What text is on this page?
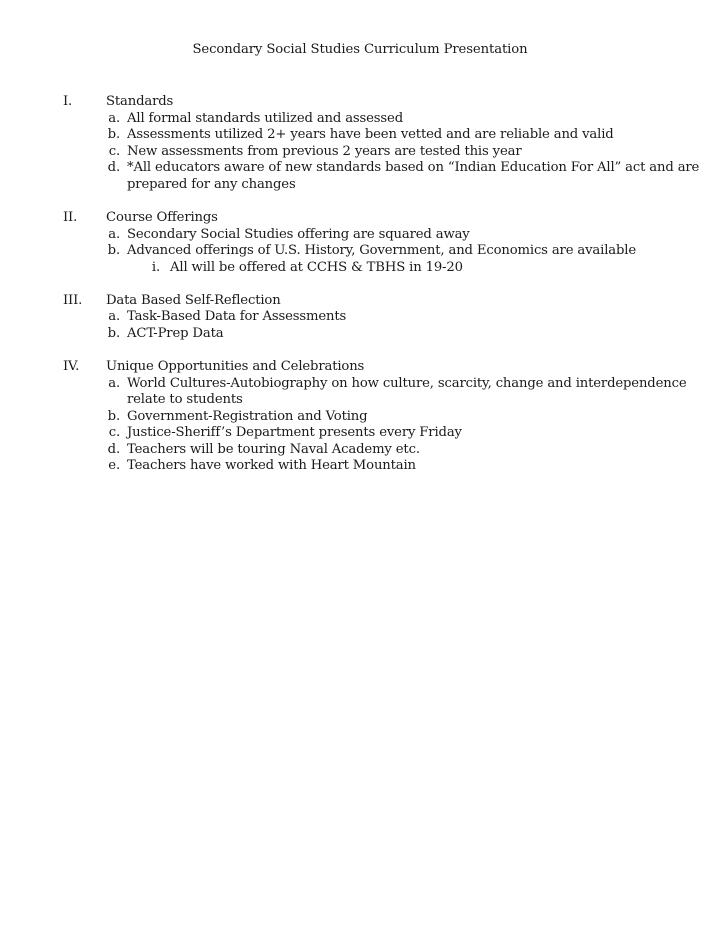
Secondary Social Studies Curriculum Presentation
I.	Standards
a. All formal standards utilized and assessed
b. Assessments utilized 2+ years have been vetted and are reliable and valid
c. New assessments from previous 2 years are tested this year
d. *All educators aware of new standards based on “Indian Education For All” act and are
prepared for any changes
II. Course Offerings
a. Secondary Social Studies offering are squared away
b. Advanced offerings of U.S. History, Government, and Economics are available
i. All will be offered at CCHS & TBHS in 19-20
III. Data Based Self-Reflection
a. Task-Based Data for Assessments
b. ACT-Prep Data
IV. Unique Opportunities and Celebrations
a. World Cultures-Autobiography on how culture, scarcity, change and interdependence
relate to students
b. Government-Registration and Voting
c. Justice-Sheriff’s Department presents every Friday
d. Teachers will be touring Naval Academy etc.
e. Teachers have worked with Heart Mountain
